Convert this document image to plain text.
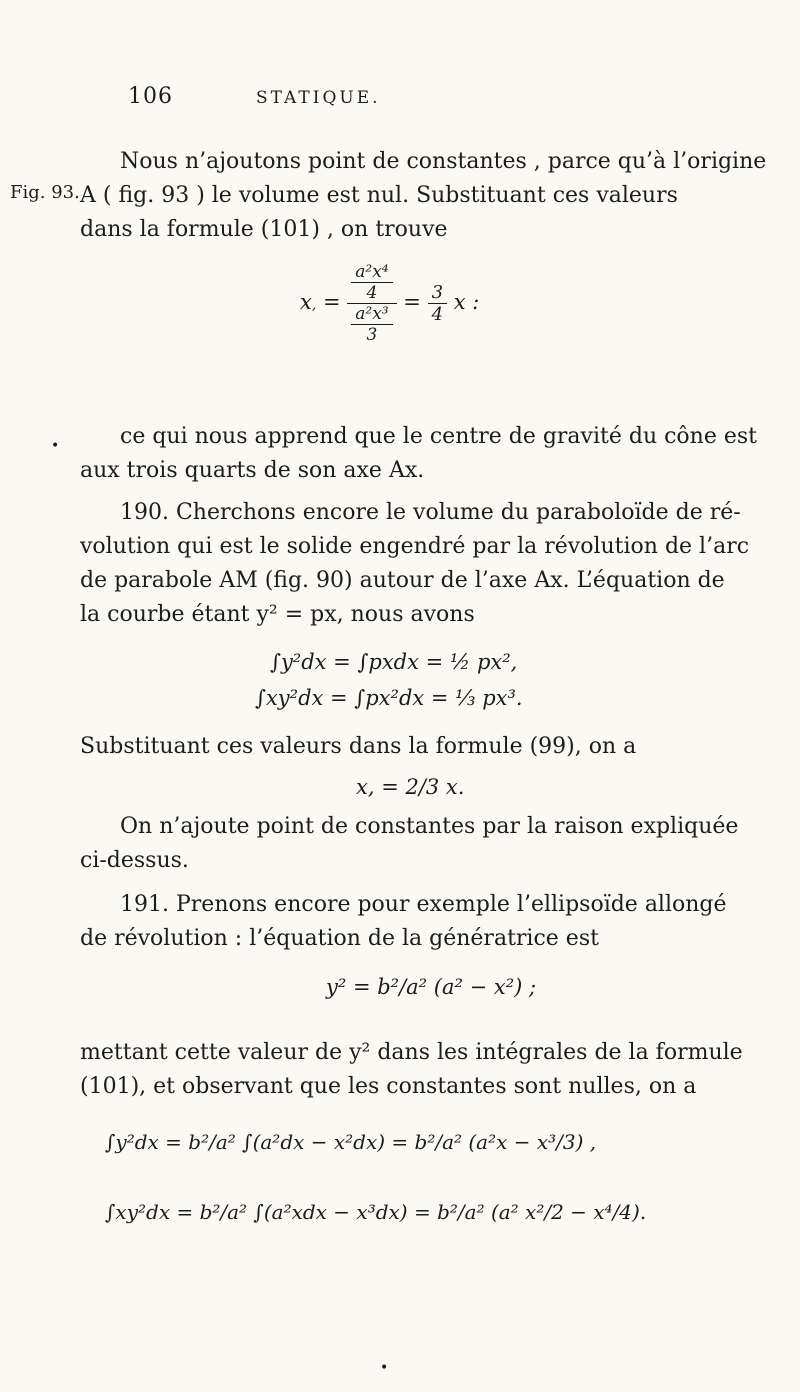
106	STATIQUE.
Fig. 93.
Nous n’ajoutons point de constantes , parce qu’à l’origine
A ( fig. 93 ) le volume est nul. Substituant ces valeurs
dans la formule (101) , on trouve
x, = $\frac{\frac{\text{a²x⁴}}{4}}{\frac{\text{a²x³}}{3}} = \frac{3}{4}$ x :
ce qui nous apprend que le centre de gravité du cône est
aux trois quarts de son axe Ax.
•
190. Cherchons encore le volume du paraboloïde de ré-
volution qui est le solide engendré par la révolution de l’arc
de parabole AM (fig. 90) autour de l’axe Ax. L’équation de
la courbe étant y² = px, nous avons
∫y²dx = ∫pxdx = ½ px²,
∫xy²dx = ∫px²dx = ⅓ px³.
Substituant ces valeurs dans la formule (99), on a
x, = 2/3 x.
On n’ajoute point de constantes par la raison expliquée
ci-dessus.
191. Prenons encore pour exemple l’ellipsoïde allongé
de révolution : l’équation de la génératrice est
y² = b²/a² (a² − x²) ;
mettant cette valeur de y² dans les intégrales de la formule
(101), et observant que les constantes sont nulles, on a
∫y²dx = b²/a² ∫(a²dx − x²dx) = b²/a² (a²x − x³/3) ,
∫xy²dx = b²/a² ∫(a²xdx − x³dx) = b²/a² (a² x²/2 − x⁴/4).
•
